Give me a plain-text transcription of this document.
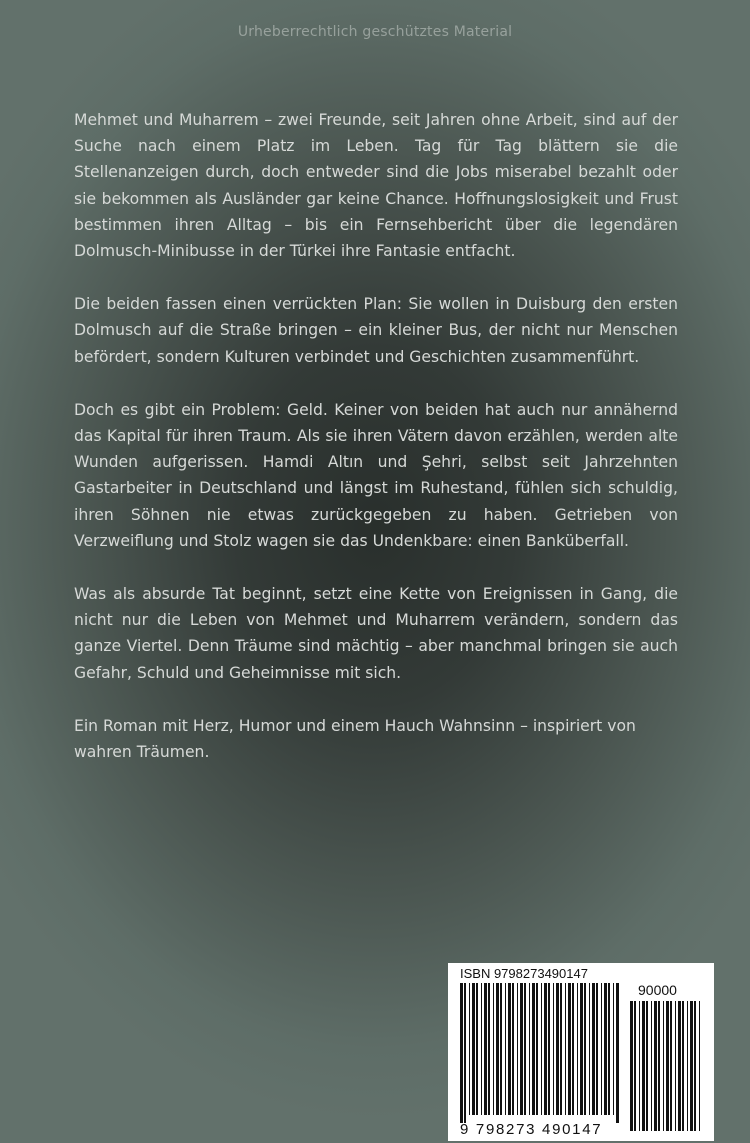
Urheberrechtlich geschütztes Material

Mehmet und Muharrem – zwei Freunde, seit Jahren ohne Arbeit, sind auf der Suche nach einem Platz im Leben. Tag für Tag blättern sie die Stellenanzeigen durch, doch entweder sind die Jobs miserabel bezahlt oder sie bekommen als Ausländer gar keine Chance. Hoffnungslosigkeit und Frust bestimmen ihren Alltag – bis ein Fernsehbericht über die legendären Dolmusch-Minibusse in der Türkei ihre Fantasie entfacht.

Die beiden fassen einen verrückten Plan: Sie wollen in Duisburg den ersten Dolmusch auf die Straße bringen – ein kleiner Bus, der nicht nur Menschen befördert, sondern Kulturen verbindet und Geschichten zusammenführt.

Doch es gibt ein Problem: Geld. Keiner von beiden hat auch nur annähernd das Kapital für ihren Traum. Als sie ihren Vätern davon erzählen, werden alte Wunden aufgerissen. Hamdi Altın und Şehri, selbst seit Jahrzehnten Gastarbeiter in Deutschland und längst im Ruhestand, fühlen sich schuldig, ihren Söhnen nie etwas zurückgegeben zu haben. Getrieben von Verzweiflung und Stolz wagen sie das Undenkbare: einen Banküberfall.

Was als absurde Tat beginnt, setzt eine Kette von Ereignissen in Gang, die nicht nur die Leben von Mehmet und Muharrem verändern, sondern das ganze Viertel. Denn Träume sind mächtig – aber manchmal bringen sie auch Gefahr, Schuld und Geheimnisse mit sich.

Ein Roman mit Herz, Humor und einem Hauch Wahnsinn – inspiriert von wahren Träumen.

ISBN 9798273490147
90000
9 798273 490147
